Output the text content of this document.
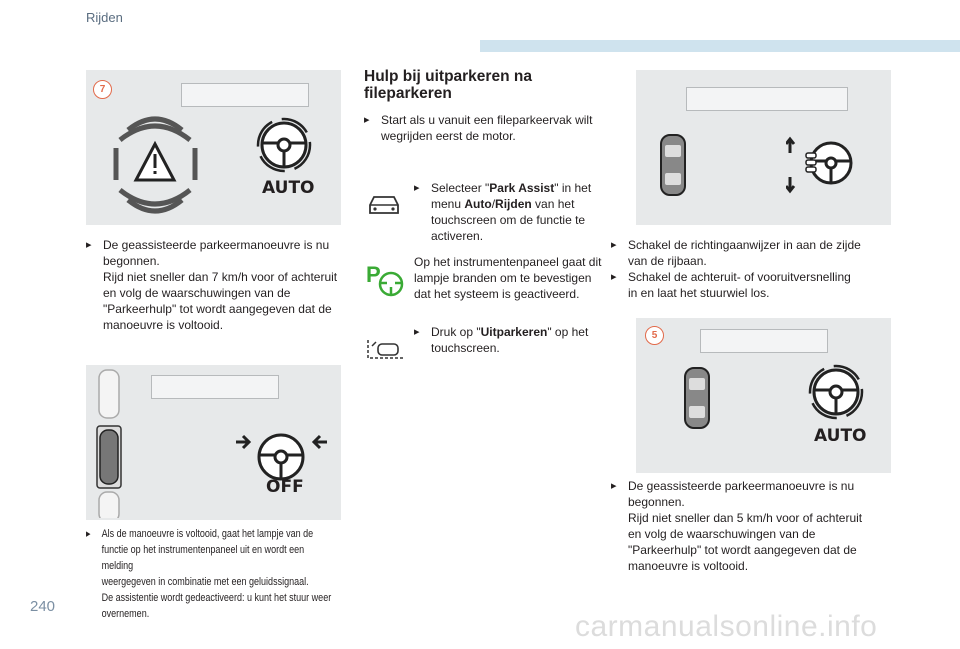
Rijden
7
AUTO
▸ De geassisteerde parkeermanoeuvre is nu
begonnen.
Rijd niet sneller dan 7 km/h voor of achteruit
en volg de waarschuwingen van de
"Parkeerhulp" tot wordt aangegeven dat de
manoeuvre is voltooid.
OFF
▸ Als de manoeuvre is voltooid, gaat het lampje van de
functie op het instrumentenpaneel uit en wordt een melding
weergegeven in combinatie met een geluidssignaal.
De assistentie wordt gedeactiveerd: u kunt het stuur weer
overnemen.
Hulp bij uitparkeren na
fileparkeren
▸ Start als u vanuit een fileparkeervak wilt
wegrijden eerst de motor.
▸ Selecteer "Park Assist" in het
menu Auto/Rijden van het
touchscreen om de functie te
activeren.
P	Op het instrumentenpaneel gaat dit
lampje branden om te bevestigen
dat het systeem is geactiveerd.
▸ Druk op "Uitparkeren" op het
touchscreen.
▸ Schakel de richtingaanwijzer in aan de zijde
van de rijbaan.
▸ Schakel de achteruit- of vooruitversnelling
in en laat het stuurwiel los.
5
AUTO
▸ De geassisteerde parkeermanoeuvre is nu
begonnen.
Rijd niet sneller dan 5 km/h voor of achteruit
en volg de waarschuwingen van de
"Parkeerhulp" tot wordt aangegeven dat de
manoeuvre is voltooid.
240
carmanualsonline.info
